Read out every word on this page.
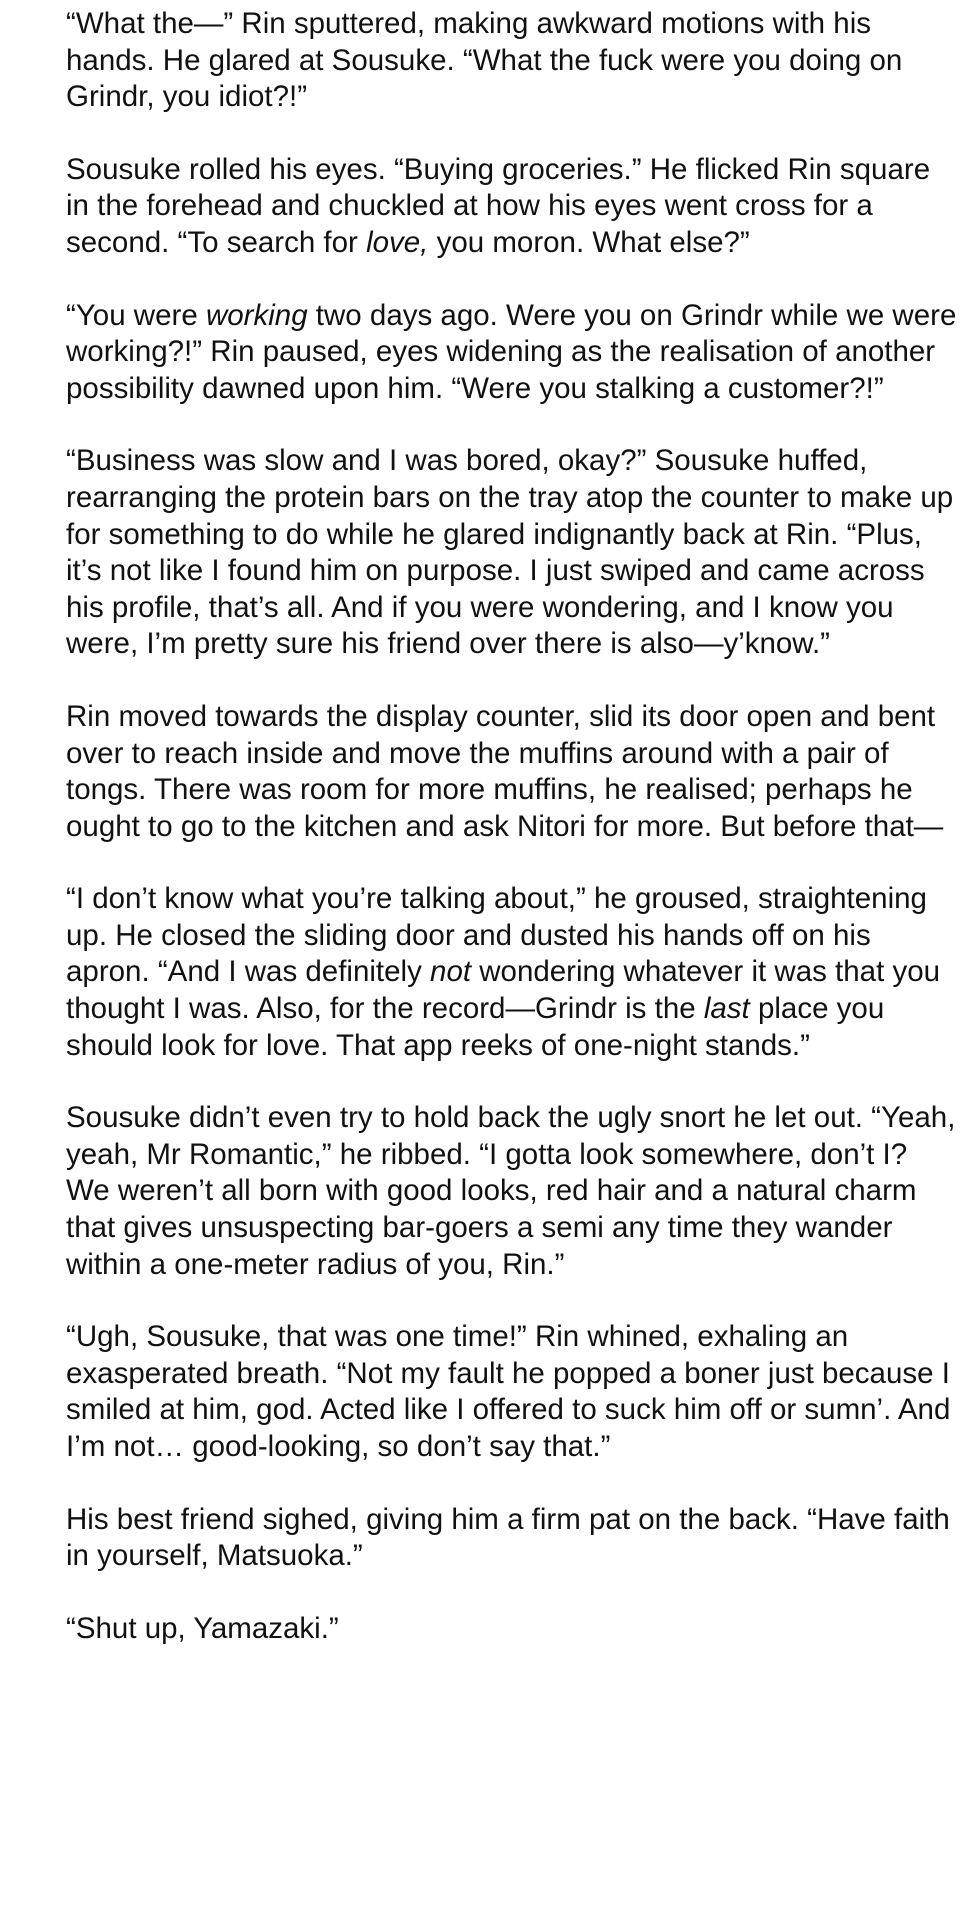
“What the—” Rin sputtered, making awkward motions with his hands. He glared at Sousuke. “What the fuck were you doing on Grindr, you idiot?!”

Sousuke rolled his eyes. “Buying groceries.” He flicked Rin square in the forehead and chuckled at how his eyes went cross for a second. “To search for love, you moron. What else?”

“You were working two days ago. Were you on Grindr while we were working?!” Rin paused, eyes widening as the realisation of another possibility dawned upon him. “Were you stalking a customer?!”

“Business was slow and I was bored, okay?” Sousuke huffed, rearranging the protein bars on the tray atop the counter to make up for something to do while he glared indignantly back at Rin. “Plus, it’s not like I found him on purpose. I just swiped and came across his profile, that’s all. And if you were wondering, and I know you were, I’m pretty sure his friend over there is also—y’know.”

Rin moved towards the display counter, slid its door open and bent over to reach inside and move the muffins around with a pair of tongs. There was room for more muffins, he realised; perhaps he ought to go to the kitchen and ask Nitori for more. But before that—

“I don’t know what you’re talking about,” he groused, straightening up. He closed the sliding door and dusted his hands off on his apron. “And I was definitely not wondering whatever it was that you thought I was. Also, for the record—Grindr is the last place you should look for love. That app reeks of one-night stands.”

Sousuke didn’t even try to hold back the ugly snort he let out. “Yeah, yeah, Mr Romantic,” he ribbed. “I gotta look somewhere, don’t I? We weren’t all born with good looks, red hair and a natural charm that gives unsuspecting bar-goers a semi any time they wander within a one-meter radius of you, Rin.”

“Ugh, Sousuke, that was one time!” Rin whined, exhaling an exasperated breath. “Not my fault he popped a boner just because I smiled at him, god. Acted like I offered to suck him off or sumn’. And I’m not… good-looking, so don’t say that.”

His best friend sighed, giving him a firm pat on the back. “Have faith in yourself, Matsuoka.”

“Shut up, Yamazaki.”
